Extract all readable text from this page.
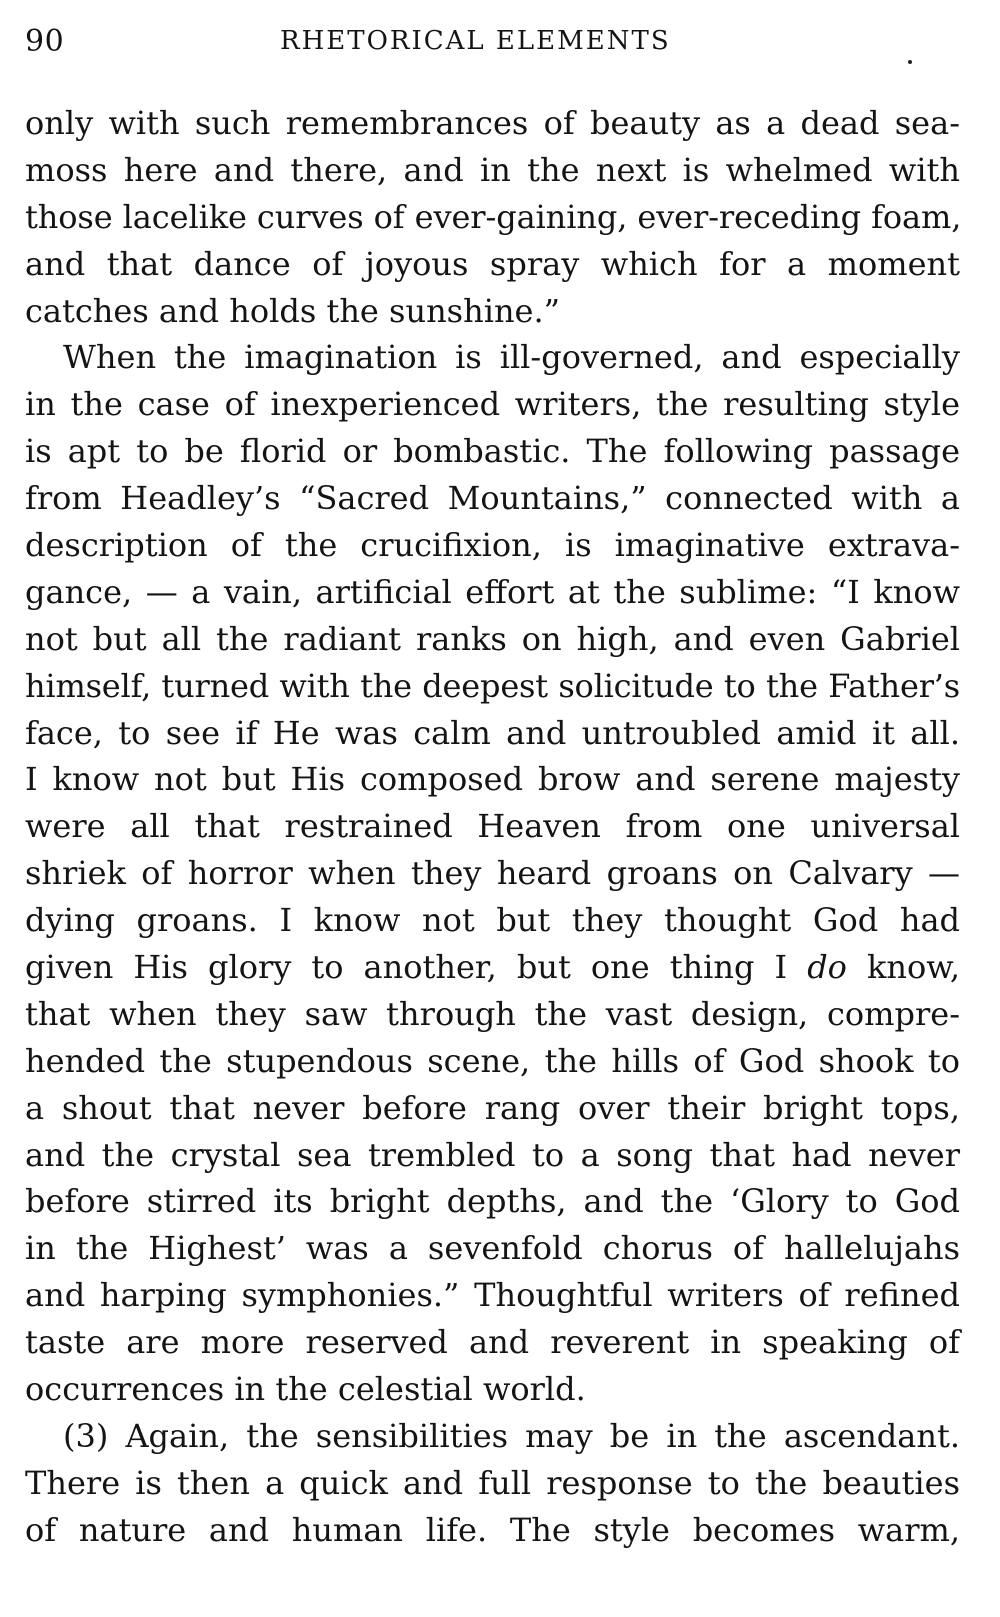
90	RHETORICAL ELEMENTS
only with such remembrances of beauty as a dead sea-
moss here and there, and in the next is whelmed with
those lacelike curves of ever-gaining, ever-receding foam,
and that dance of joyous spray which for a moment
catches and holds the sunshine.”
When the imagination is ill-governed, and especially
in the case of inexperienced writers, the resulting style
is apt to be florid or bombastic. The following passage
from Headley’s “Sacred Mountains,” connected with a
description of the crucifixion, is imaginative extrava-
gance, — a vain, artificial effort at the sublime: “I know
not but all the radiant ranks on high, and even Gabriel
himself, turned with the deepest solicitude to the Father’s
face, to see if He was calm and untroubled amid it all.
I know not but His composed brow and serene majesty
were all that restrained Heaven from one universal
shriek of horror when they heard groans on Calvary —
dying groans. I know not but they thought God had
given His glory to another, but one thing I do know,
that when they saw through the vast design, compre-
hended the stupendous scene, the hills of God shook to
a shout that never before rang over their bright tops,
and the crystal sea trembled to a song that had never
before stirred its bright depths, and the ‘Glory to God
in the Highest’ was a sevenfold chorus of hallelujahs
and harping symphonies.” Thoughtful writers of refined
taste are more reserved and reverent in speaking of
occurrences in the celestial world.
(3) Again, the sensibilities may be in the ascendant.
There is then a quick and full response to the beauties
of nature and human life. The style becomes warm,
